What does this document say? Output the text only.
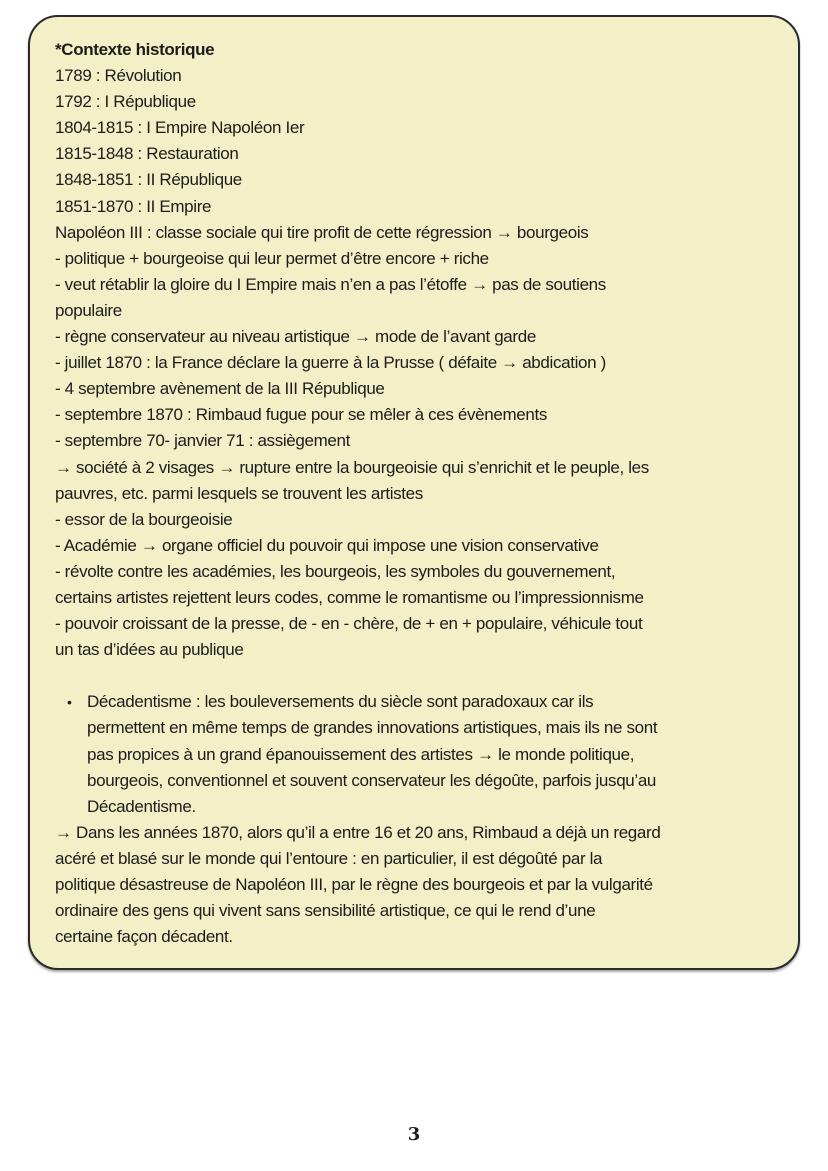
*Contexte historique
1789 : Révolution
1792 : I République
1804-1815 : I Empire Napoléon Ier
1815-1848 : Restauration
1848-1851 : II République
1851-1870 : II Empire
Napoléon III : classe sociale qui tire profit de cette régression → bourgeois
- politique + bourgeoise qui leur permet d’être encore + riche
- veut rétablir la gloire du I Empire mais n’en a pas l’étoffe → pas de soutiens
populaire
- règne conservateur au niveau artistique → mode de l’avant garde
- juillet 1870 : la France déclare la guerre à la Prusse ( défaite → abdication )
- 4 septembre avènement de la III République
- septembre 1870 : Rimbaud fugue pour se mêler à ces évènements
- septembre 70- janvier 71 : assiègement
→ société à 2 visages → rupture entre la bourgeoisie qui s’enrichit et le peuple, les
pauvres, etc. parmi lesquels se trouvent les artistes
- essor de la bourgeoisie
- Académie → organe officiel du pouvoir qui impose une vision conservative
- révolte contre les académies, les bourgeois, les symboles du gouvernement,
certains artistes rejettent leurs codes, comme le romantisme ou l’impressionnisme
- pouvoir croissant de la presse, de - en - chère, de + en + populaire, véhicule tout
un tas d’idées au publique
• Décadentisme : les bouleversements du siècle sont paradoxaux car ils
permettent en même temps de grandes innovations artistiques, mais ils ne sont
pas propices à un grand épanouissement des artistes → le monde politique,
bourgeois, conventionnel et souvent conservateur les dégoûte, parfois jusqu’au
Décadentisme.
→ Dans les années 1870, alors qu’il a entre 16 et 20 ans, Rimbaud a déjà un regard
acéré et blasé sur le monde qui l’entoure : en particulier, il est dégoûté par la
politique désastreuse de Napoléon III, par le règne des bourgeois et par la vulgarité
ordinaire des gens qui vivent sans sensibilité artistique, ce qui le rend d’une
certaine façon décadent.
3
